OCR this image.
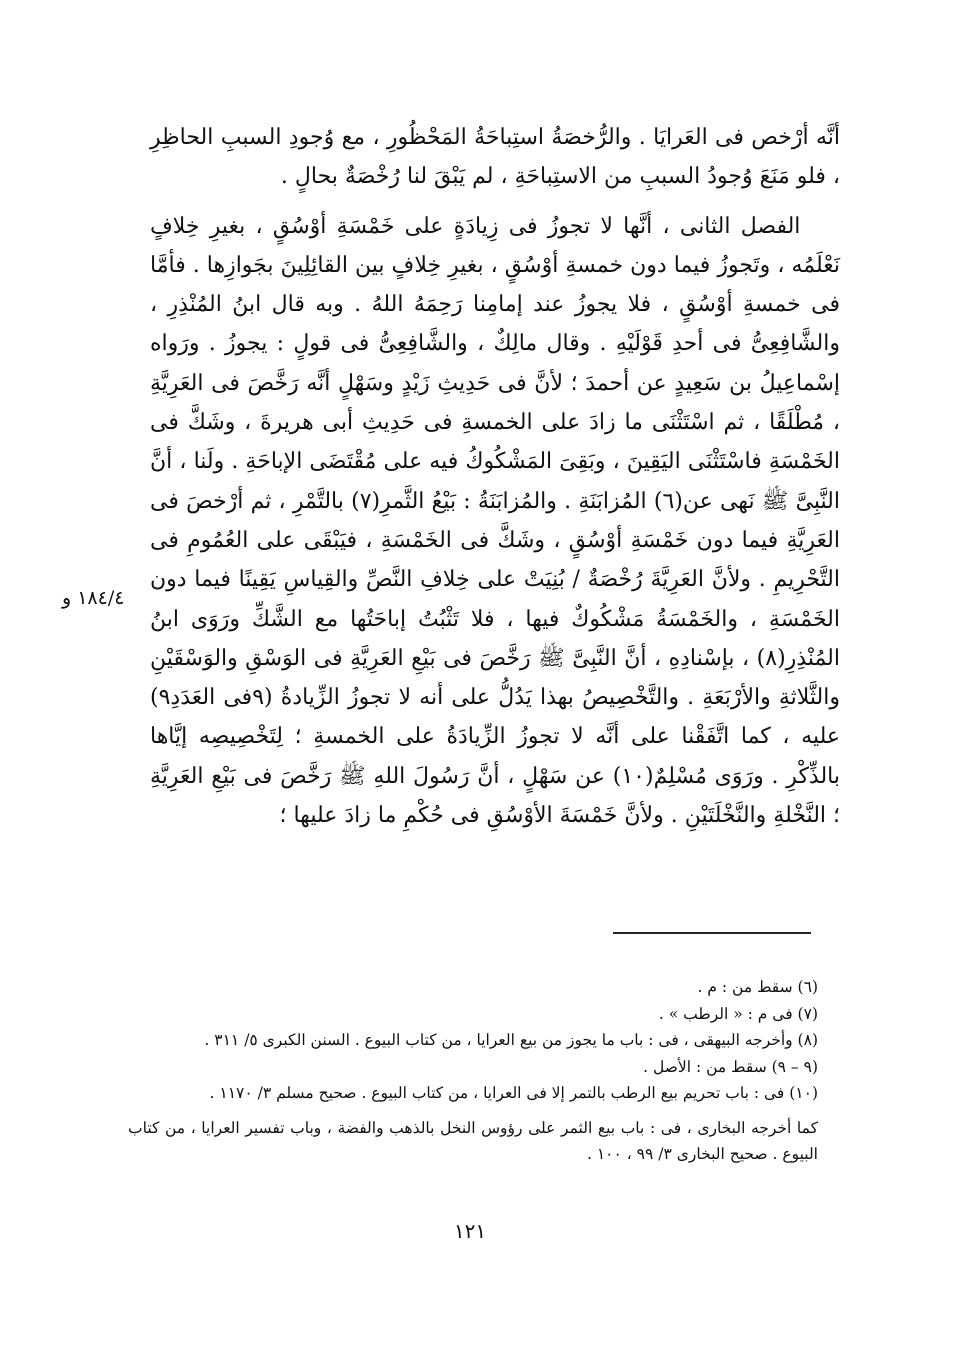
أنَّه أرْخص فى العَرايَا . والرُّخصَةُ استِباحَةُ المَحْظُورِ ، مع وُجودِ السببِ الحاظِرِ ، فلو مَنَعَ وُجودُ السببِ من الاستِباحَةِ ، لم يَبْقَ لنا رُخْصَةٌ بحالٍ .

الفصل الثانى ، أنَّها لا تجوزُ فى زِيادَةٍ على خَمْسَةِ أوْسُقٍ ، بغيرِ خِلافٍ نَعْلَمُه ، وتَجوزُ فيما دون خمسةِ أوْسُقٍ ، بغيرِ خِلافٍ بين القائِلِينَ بجَوازِها . فأمَّا فى خمسةِ أوْسُقٍ ، فلا يجوزُ عند إمامِنا رَحِمَهُ اللهُ . وبه قال ابنُ المُنْذِرِ ، والشَّافِعِىُّ فى أحدِ قَوْلَيْهِ . وقال مالِكٌ ، والشَّافِعِىُّ فى قولٍ : يجوزُ . ورَواه إسْماعِيلُ بن سَعِيدٍ عن أحمدَ ؛ لأنَّ فى حَدِيثِ زَيْدٍ وسَهْلٍ أنَّه رَخَّصَ فى العَرِيَّةِ ، مُطْلَقًا ، ثم اسْتَثْنَى ما زادَ على الخمسةِ فى حَدِيثِ أبى هريرةَ ، وشَكَّ فى الخَمْسَةِ فاسْتَثْنَى اليَقِينَ ، وبَقِىَ المَشْكُوكُ فيه على مُقْتَضَى الإباحَةِ . ولَنا ، أنَّ النَّبِىَّ ﷺ نَهى عن(٦) المُزابَنَةِ . والمُزابَنَةُ : بَيْعُ الثَّمرِ(٧) بالتَّمْرِ ، ثم أرْخصَ فى العَرِيَّةِ فيما دون خَمْسَةِ أوْسُقٍ ، وشَكَّ فى الخَمْسَةِ ، فيَبْقَى على العُمُومِ فى التَّحْرِيمِ . ولأنَّ العَرِيَّةَ رُخْصَةٌ / بُنِيَتْ على خِلافِ النَّصِّ والقِياسِ يَقِينًا فيما دون الخَمْسَةِ ، والخَمْسَةُ مَشْكُوكٌ فيها ، فلا تَثْبُتُ إباحَتُها مع الشَّكِّ ورَوَى ابنُ المُنْذِرِ(٨) ، بإسْنادِهِ ، أنَّ النَّبِىَّ ﷺ رَخَّصَ فى بَيْعِ العَرِيَّةِ فى الوَسْقِ والوَسْقَيْنِ والثَّلاثةِ والأرْبَعَةِ . والتَّخْصِيصُ بهذا يَدُلُّ على أنه لا تجوزُ الزِّيادةُ (٩فى العَدَدِ٩) عليه ، كما اتَّفَقْنا على أنَّه لا تجوزُ الزِّيادَةُ على الخمسةِ ؛ لِتَخْصِيصِه إيَّاها بالذِّكْرِ . ورَوَى مُسْلِمٌ(١٠) عن سَهْلٍ ، أنَّ رَسُولَ اللهِ ﷺ رَخَّصَ فى بَيْعِ العَرِيَّةِ ؛ النَّخْلةِ والنَّخْلَتَيْنِ . ولأنَّ خَمْسَةَ الأوْسُقِ فى حُكْمِ ما زادَ عليها ؛

١٨٤/٤ و
(٦) سقط من : م .
(٧) فى م : « الرطب » .
(٨) وأخرجه البيهقى ، فى : باب ما يجوز من بيع العرايا ، من كتاب البيوع . السنن الكبرى ٥/ ٣١١ .
(٩ – ٩) سقط من : الأصل .
(١٠) فى : باب تحريم بيع الرطب بالتمر إلا فى العرايا ، من كتاب البيوع . صحيح مسلم ٣/ ١١٧٠ .
كما أخرجه البخارى ، فى : باب بيع الثمر على رؤوس النخل بالذهب والفضة ، وباب تفسير العرايا ، من كتاب البيوع . صحيح البخارى ٣/ ٩٩ ، ١٠٠ .
١٢١
